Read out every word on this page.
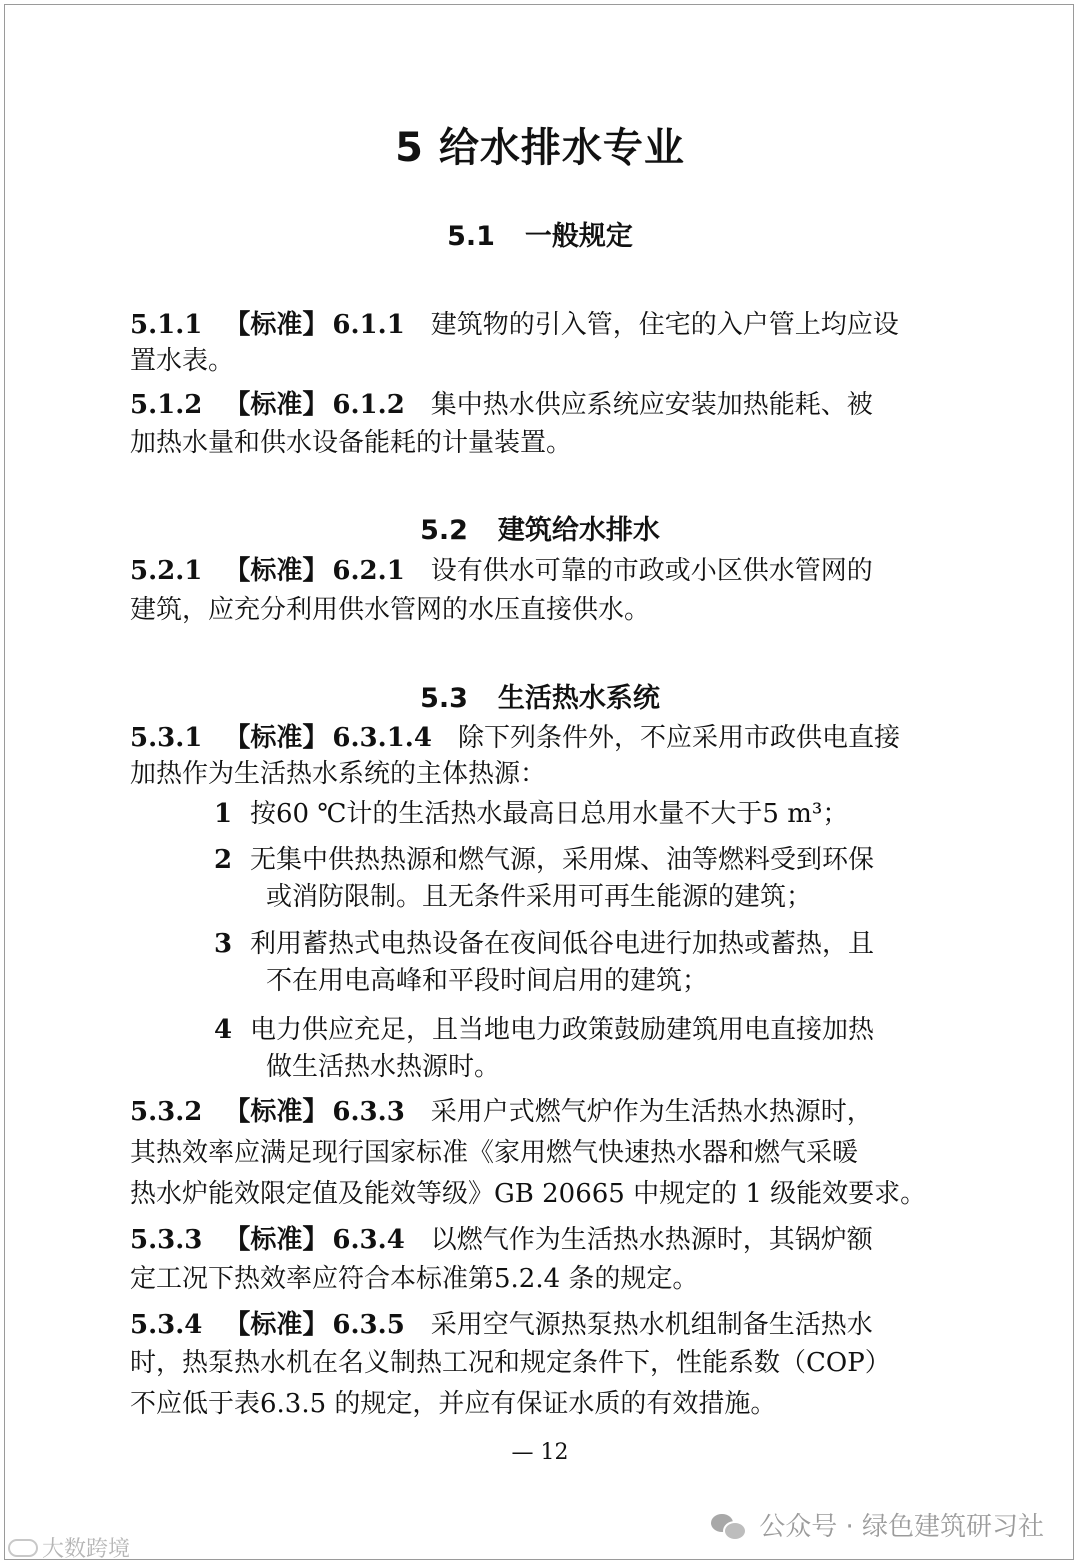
5 给水排水专业
5.1 一般规定
5.1.1 【标准】 6.1.1 建筑物的引入管，住宅的入户管上均应设
置水表。
5.1.2 【标准】 6.1.2 集中热水供应系统应安装加热能耗、被
加热水量和供水设备能耗的计量装置。
5.2 建筑给水排水
5.2.1 【标准】 6.2.1 设有供水可靠的市政或小区供水管网的
建筑，应充分利用供水管网的水压直接供水。
5.3 生活热水系统
5.3.1 【标准】 6.3.1.4 除下列条件外，不应采用市政供电直接
加热作为生活热水系统的主体热源：
1 按60 ℃计的生活热水最高日总用水量不大于5 m³；
2 无集中供热热源和燃气源，采用煤、油等燃料受到环保
或消防限制。且无条件采用可再生能源的建筑；
3 利用蓄热式电热设备在夜间低谷电进行加热或蓄热，且
不在用电高峰和平段时间启用的建筑；
4 电力供应充足，且当地电力政策鼓励建筑用电直接加热
做生活热水热源时。
5.3.2 【标准】 6.3.3 采用户式燃气炉作为生活热水热源时，
其热效率应满足现行国家标准《家用燃气快速热水器和燃气采暖
热水炉能效限定值及能效等级》GB 20665 中规定的 1 级能效要求。
5.3.3 【标准】 6.3.4 以燃气作为生活热水热源时，其锅炉额
定工况下热效率应符合本标准第5.2.4 条的规定。
5.3.4 【标准】 6.3.5 采用空气源热泵热水机组制备生活热水
时，热泵热水机在名义制热工况和规定条件下，性能系数（COP）
不应低于表6.3.5 的规定，并应有保证水质的有效措施。
— 12
公众号 · 绿色建筑研习社
大数跨境
